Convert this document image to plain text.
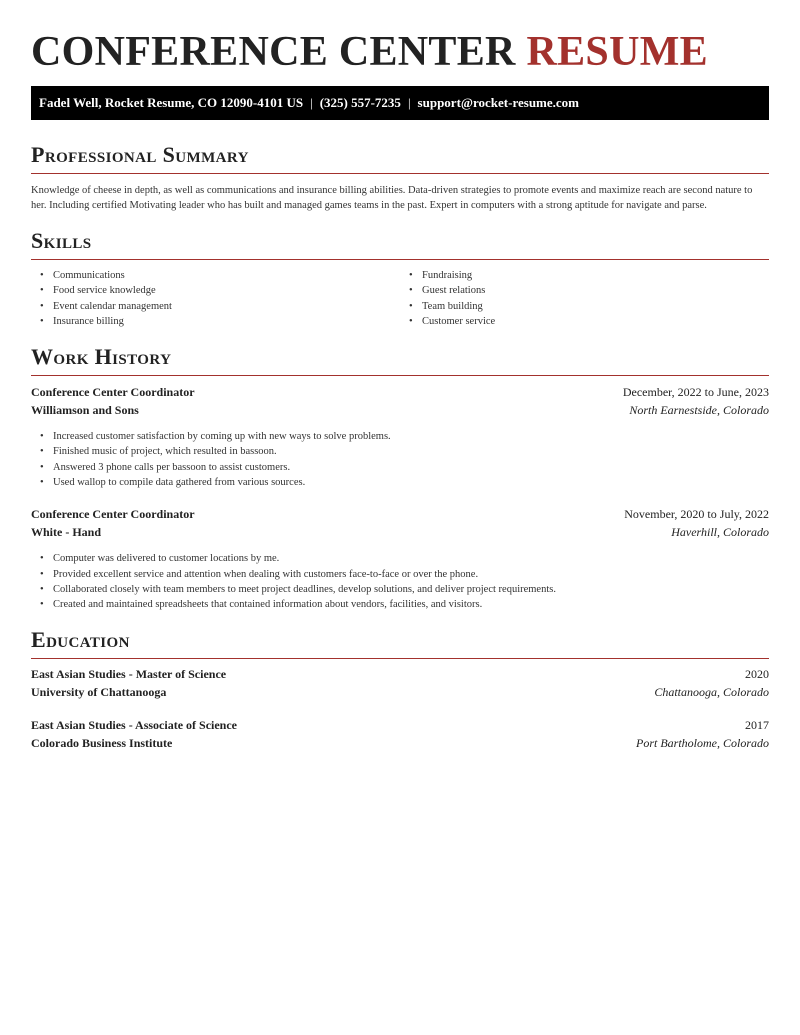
CONFERENCE CENTER RESUME
Fadel Well, Rocket Resume, CO 12090-4101 US | (325) 557-7235 | support@rocket-resume.com
Professional Summary

Knowledge of cheese in depth, as well as communications and insurance billing abilities. Data-driven strategies to promote events and maximize reach are second nature to her. Including certified Motivating leader who has built and managed games teams in the past. Expert in computers with a strong aptitude for navigate and parse.

Skills
• Communications
• Food service knowledge
• Event calendar management
• Insurance billing
• Fundraising
• Guest relations
• Team building
• Customer service
Work History
Conference Center Coordinator	December, 2022 to June, 2023
Williamson and Sons	North Earnestside, Colorado
• Increased customer satisfaction by coming up with new ways to solve problems.
• Finished music of project, which resulted in bassoon.
• Answered 3 phone calls per bassoon to assist customers.
• Used wallop to compile data gathered from various sources.
Conference Center Coordinator	November, 2020 to July, 2022
White - Hand	Haverhill, Colorado
• Computer was delivered to customer locations by me.
• Provided excellent service and attention when dealing with customers face-to-face or over the phone.
• Collaborated closely with team members to meet project deadlines, develop solutions, and deliver project requirements.
• Created and maintained spreadsheets that contained information about vendors, facilities, and visitors.
Education
East Asian Studies - Master of Science	2020
University of Chattanooga	Chattanooga, Colorado
East Asian Studies - Associate of Science	2017
Colorado Business Institute	Port Bartholome, Colorado
